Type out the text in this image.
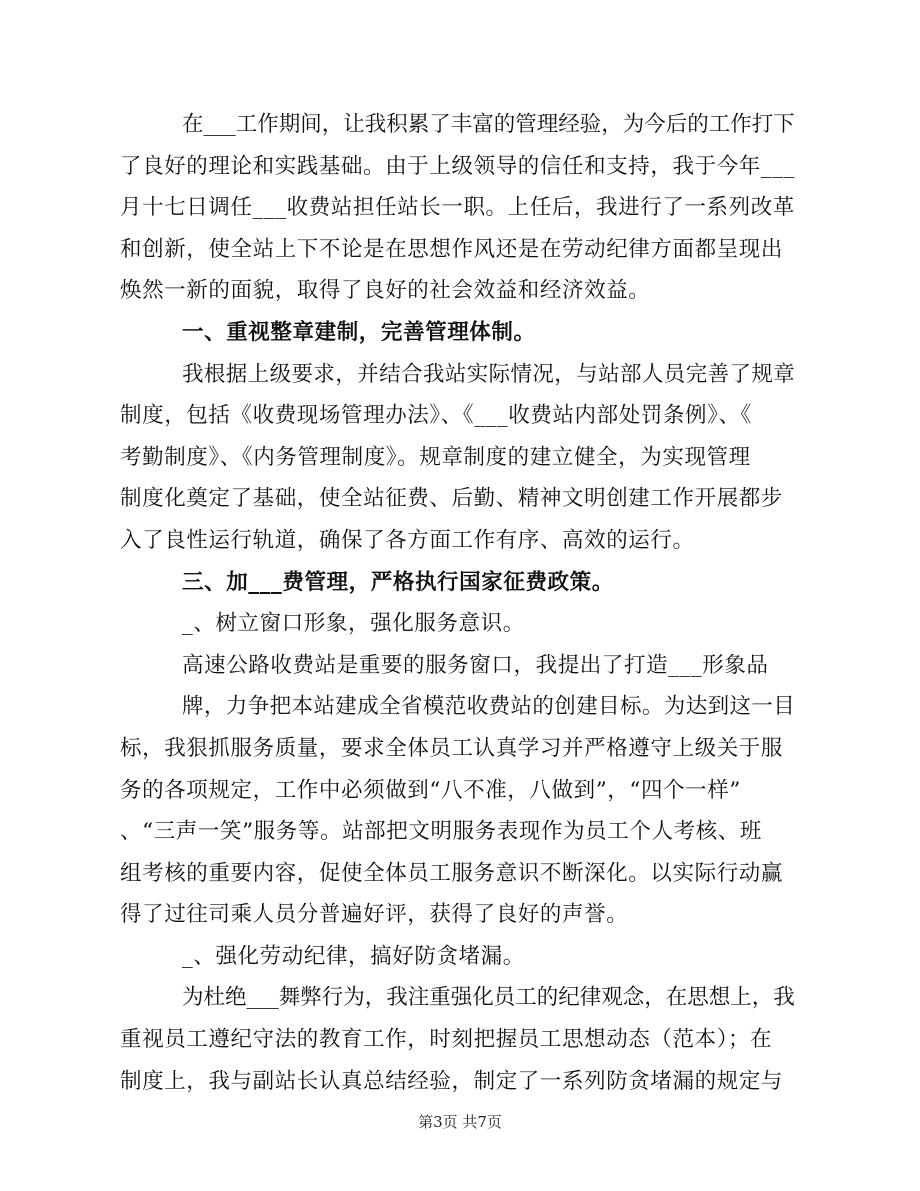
在___工作期间，让我积累了丰富的管理经验，为今后的工作打下
了良好的理论和实践基础。由于上级领导的信任和支持，我于今年___
月十七日调任___收费站担任站长一职。上任后，我进行了一系列改革
和创新，使全站上下不论是在思想作风还是在劳动纪律方面都呈现出
焕然一新的面貌，取得了良好的社会效益和经济效益。
一、重视整章建制，完善管理体制。
我根据上级要求，并结合我站实际情况，与站部人员完善了规章
制度，包括《收费现场管理办法》、《___收费站内部处罚条例》、《
考勤制度》、《内务管理制度》。规章制度的建立健全，为实现管理
制度化奠定了基础，使全站征费、后勤、精神文明创建工作开展都步
入了良性运行轨道，确保了各方面工作有序、高效的运行。
三、加___费管理，严格执行国家征费政策。
_、树立窗口形象，强化服务意识。
高速公路收费站是重要的服务窗口，我提出了打造___形象品
牌，力争把本站建成全省模范收费站的创建目标。为达到这一目
标，我狠抓服务质量，要求全体员工认真学习并严格遵守上级关于服
务的各项规定，工作中必须做到“八不准，八做到”，“四个一样”
、“三声一笑”服务等。站部把文明服务表现作为员工个人考核、班
组考核的重要内容，促使全体员工服务意识不断深化。以实际行动赢
得了过往司乘人员分普遍好评，获得了良好的声誉。
_、强化劳动纪律，搞好防贪堵漏。
为杜绝___舞弊行为，我注重强化员工的纪律观念，在思想上，我
重视员工遵纪守法的教育工作，时刻把握员工思想动态（范本）；在
制度上，我与副站长认真总结经验，制定了一系列防贪堵漏的规定与
第3页 共7页
